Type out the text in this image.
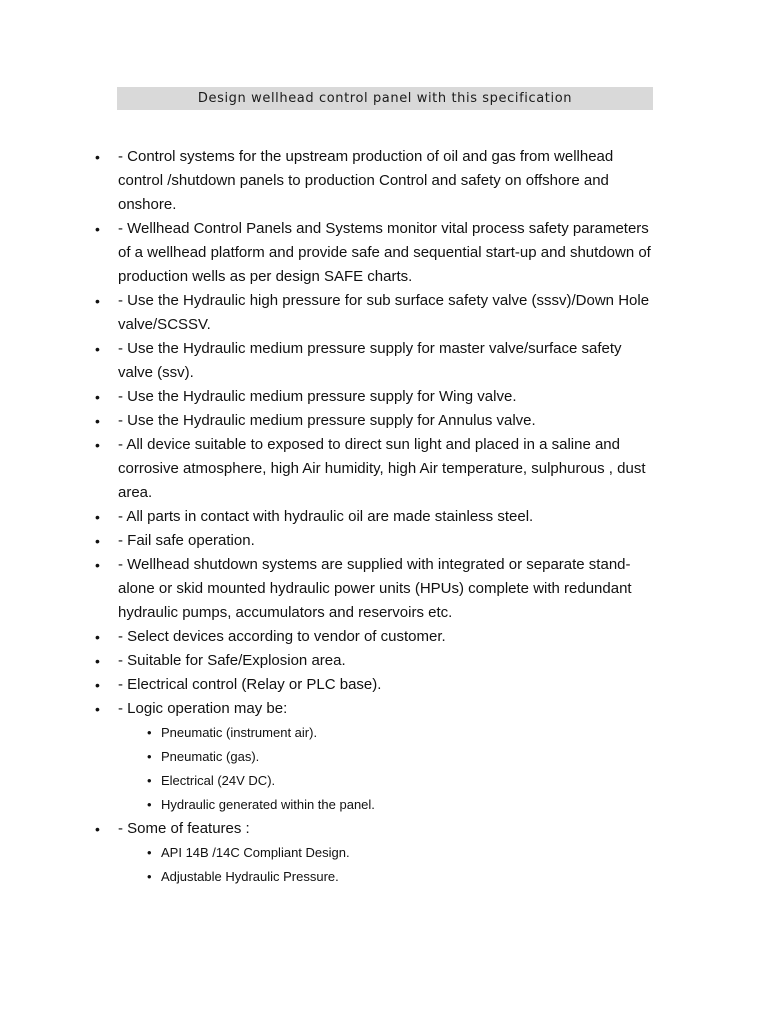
Design wellhead control panel with this specification
• - Control systems for the upstream production of oil and gas from wellhead control /shutdown panels to production Control and safety on offshore and onshore.
• - Wellhead Control Panels and Systems monitor vital process safety parameters of a wellhead platform and provide safe and sequential start-up and shutdown of production wells as per design SAFE charts.
• - Use the Hydraulic high pressure for sub surface safety valve (sssv)/Down Hole valve/SCSSV.
• - Use the Hydraulic medium pressure supply for master valve/surface safety valve (ssv).
• - Use the Hydraulic medium pressure supply for Wing valve.
• - Use the Hydraulic medium pressure supply for Annulus valve.
• - All device suitable to exposed to direct sun light and placed in a saline and corrosive atmosphere, high Air humidity, high Air temperature, sulphurous , dust area.
• - All parts in contact with hydraulic oil are made stainless steel.
• - Fail safe operation.
• - Wellhead shutdown systems are supplied with integrated or separate stand-alone or skid mounted hydraulic power units (HPUs) complete with redundant hydraulic pumps, accumulators and reservoirs etc.
• - Select devices according to vendor of customer.
• - Suitable for Safe/Explosion area.
• - Electrical control (Relay or PLC base).
• - Logic operation may be:
• Pneumatic (instrument air).
• Pneumatic (gas).
• Electrical (24V DC).
• Hydraulic generated within the panel.
• - Some of features :
• API 14B /14C Compliant Design.
• Adjustable Hydraulic Pressure.
